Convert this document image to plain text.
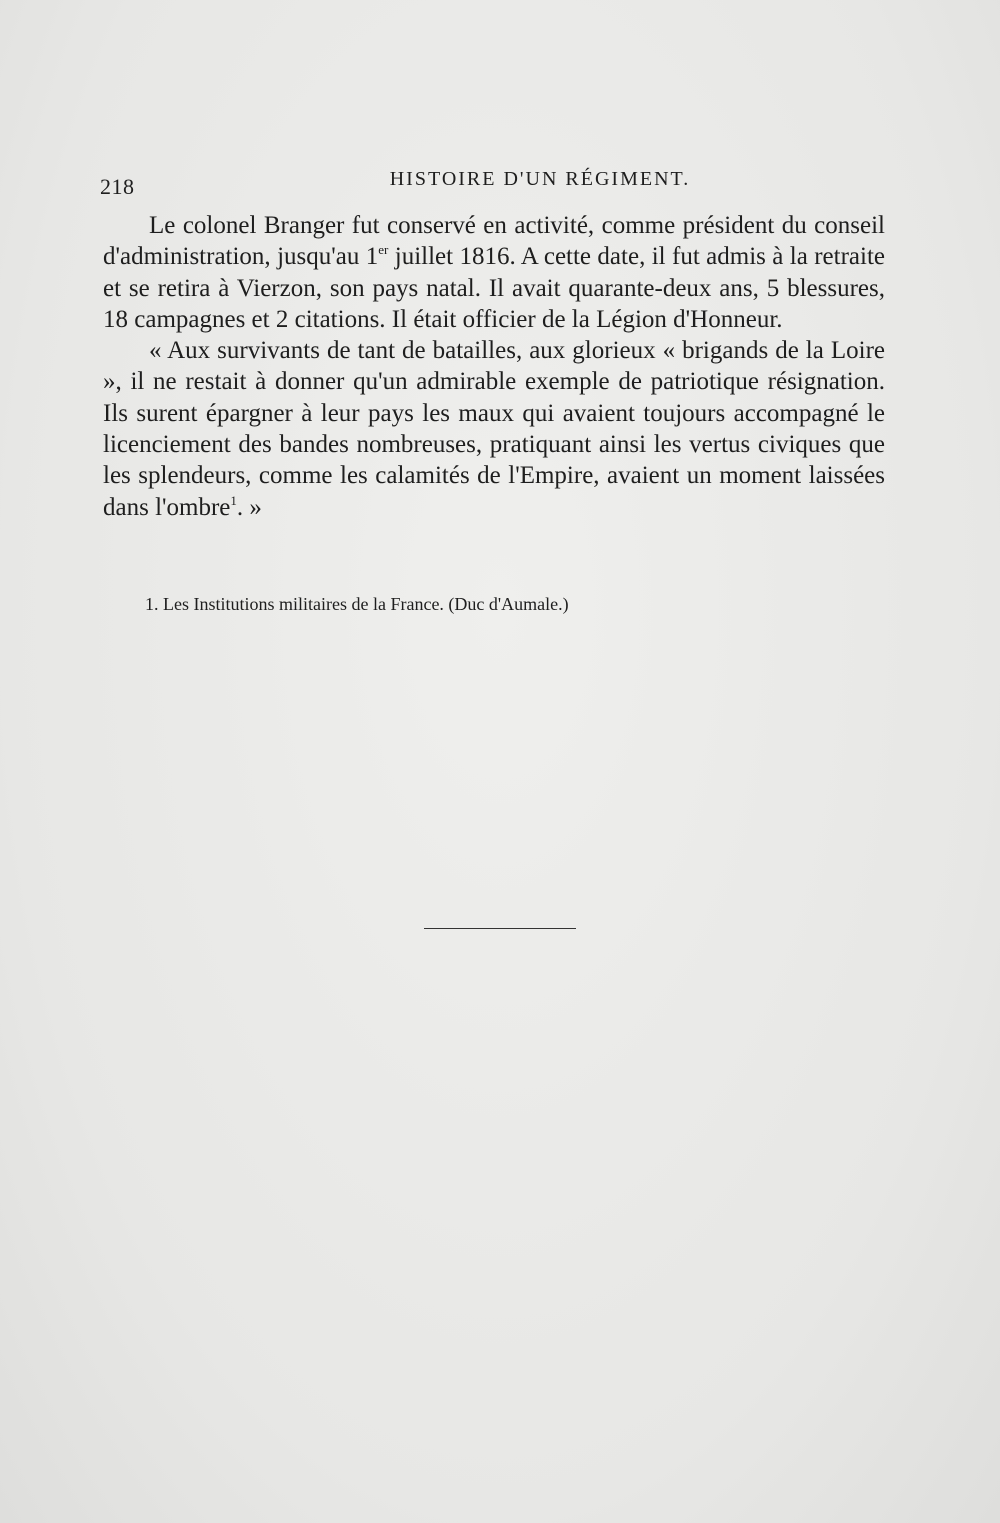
218	HISTOIRE D'UN RÉGIMENT.

Le colonel Branger fut conservé en activité, comme président du conseil d'administration, jusqu'au 1er juillet 1816. A cette date, il fut admis à la retraite et se retira à Vierzon, son pays natal. Il avait quarante-deux ans, 5 blessures, 18 campagnes et 2 citations. Il était officier de la Légion d'Honneur.

« Aux survivants de tant de batailles, aux glorieux « brigands de la Loire », il ne restait à donner qu'un admirable exemple de patriotique résignation. Ils surent épargner à leur pays les maux qui avaient toujours accompagné le licenciement des bandes nombreuses, pratiquant ainsi les vertus civiques que les splendeurs, comme les calamités de l'Empire, avaient un moment laissées dans l'ombre$^1$. »

1. Les Institutions militaires de la France. (Duc d'Aumale.)
